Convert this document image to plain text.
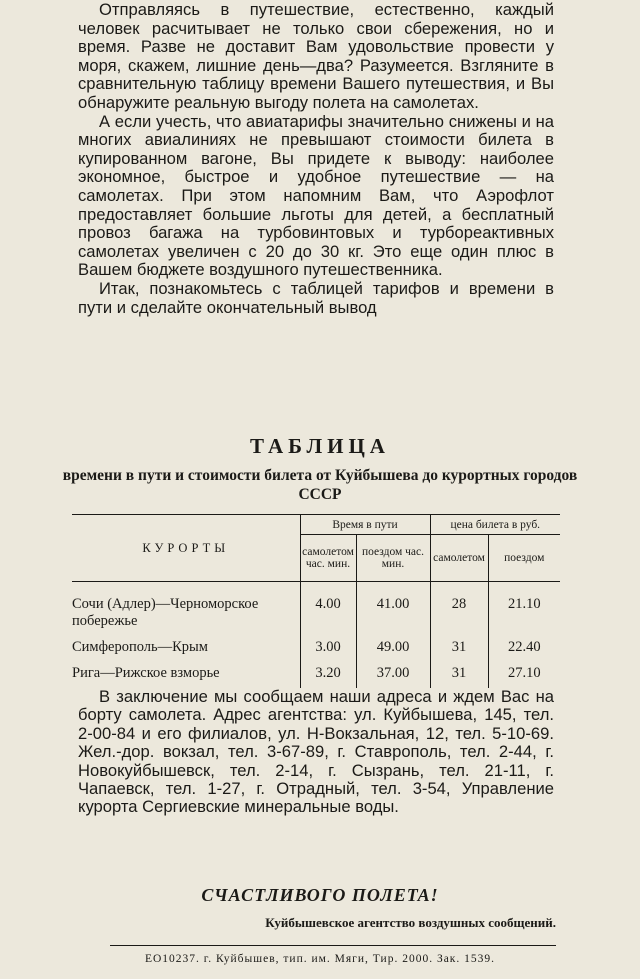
Отправляясь в путешествие, естественно, каждый человек расчитывает не только свои сбережения, но и время. Разве не доставит Вам удовольствие провести у моря, скажем, лишние день—два? Разумеется. Взгляните в сравнительную таблицу времени Вашего путешествия, и Вы обнаружите реальную выгоду полета на самолетах.

А если учесть, что авиатарифы значительно снижены и на многих авиалиниях не превышают стоимости билета в купированном вагоне, Вы придете к выводу: наиболее экономное, быстрое и удобное путешествие — на самолетах. При этом напомним Вам, что Аэрофлот предоставляет большие льготы для детей, а бесплатный провоз багажа на турбовинтовых и турбореактивных самолетах увеличен с 20 до 30 кг. Это еще один плюс в Вашем бюджете воздушного путешественника.

Итак, познакомьтесь с таблицей тарифов и времени в пути и сделайте окончательный вывод

ТАБЛИЦА
времени в пути и стоимости билета от Куйбышева до курортных городов СССР
КУРОРТЫ	Время в пути		цена билета в руб.	
	самолетом час. мин.	поездом час. мин.	самолетом	поездом
Сочи (Адлер)—Черноморское побережье	4.00	41.00	28	21.10
Симферополь—Крым	3.00	49.00	31	22.40
Рига—Рижское взморье	3.20	37.00	31	27.10

В заключение мы сообщаем наши адреса и ждем Вас на борту самолета. Адрес агентства: ул. Куйбышева, 145, тел. 2-00-84 и его филиалов, ул. Н-Вокзальная, 12, тел. 5-10-69. Жел.-дор. вокзал, тел. 3-67-89, г. Ставрополь, тел. 2-44, г. Новокуйбышевск, тел. 2-14, г. Сызрань, тел. 21-11, г. Чапаевск, тел. 1-27, г. Отрадный, тел. 3-54, Управление курорта Сергиевские минеральные воды.

СЧАСТЛИВОГО ПОЛЕТА!
Куйбышевское агентство воздушных сообщений.
ЕО10237. г. Куйбышев, тип. им. Мяги, Тир. 2000. Зак. 1539.
